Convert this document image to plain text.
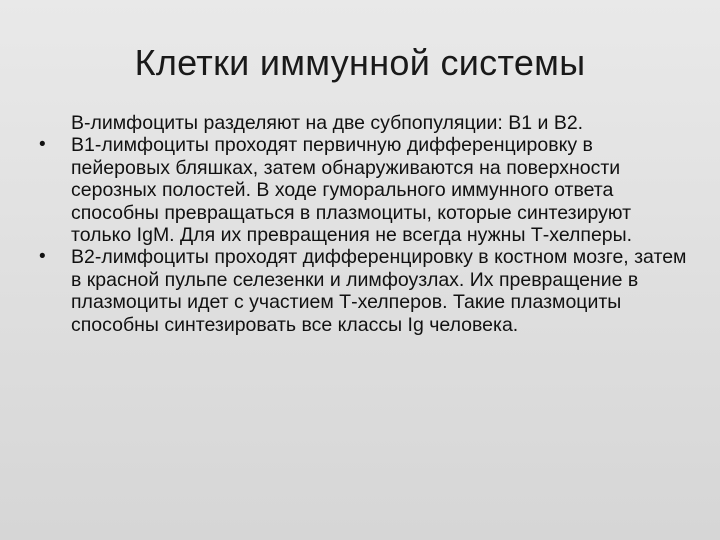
Клетки иммунной системы

B-лимфоциты разделяют на две субпопуляции: B1 и B2.

• B1-лимфоциты проходят первичную дифференцировку в пейеровых бляшках, затем обнаруживаются на поверхности серозных полостей. В ходе гуморального иммунного ответа способны превращаться в плазмоциты, которые синтезируют только IgM. Для их превращения не всегда нужны Т-хелперы.
• B2-лимфоциты проходят дифференцировку в костном мозге, затем в красной пульпе селезенки и лимфоузлах. Их превращение в плазмоциты идет с участием Т-хелперов. Такие плазмоциты способны синтезировать все классы Ig человека.
